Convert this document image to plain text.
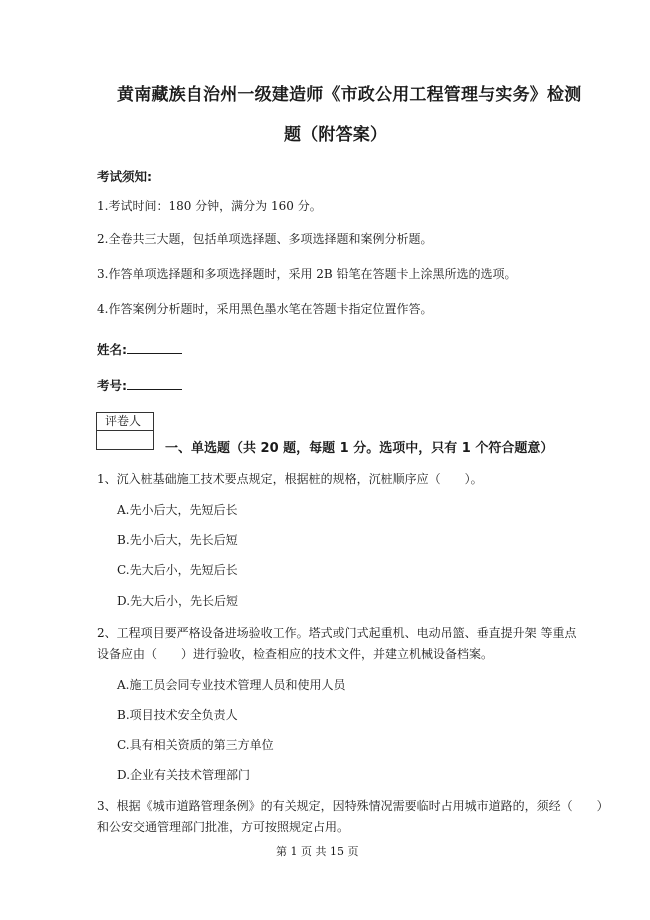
黄南藏族自治州一级建造师《市政公用工程管理与实务》检测
题（附答案）
考试须知:
1.考试时间：180 分钟，满分为 160 分。
2.全卷共三大题，包括单项选择题、多项选择题和案例分析题。
3.作答单项选择题和多项选择题时，采用 2B 铅笔在答题卡上涂黑所选的选项。
4.作答案例分析题时，采用黑色墨水笔在答题卡指定位置作答。
姓名:
考号:
评卷人
一、单选题（共 20 题，每题 1 分。选项中，只有 1 个符合题意）
1、沉入桩基础施工技术要点规定，根据桩的规格，沉桩顺序应（　　）。
A.先小后大，先短后长
B.先小后大，先长后短
C.先大后小，先短后长
D.先大后小，先长后短
2、工程项目要严格设备进场验收工作。塔式或门式起重机、电动吊篮、垂直提升架 等重点
设备应由（　　）进行验收，检查相应的技术文件，并建立机械设备档案。
A.施工员会同专业技术管理人员和使用人员
B.项目技术安全负责人
C.具有相关资质的第三方单位
D.企业有关技术管理部门
3、根据《城市道路管理条例》的有关规定，因特殊情况需要临时占用城市道路的，须经（　　）
和公安交通管理部门批准，方可按照规定占用。
第 1 页 共 15 页
